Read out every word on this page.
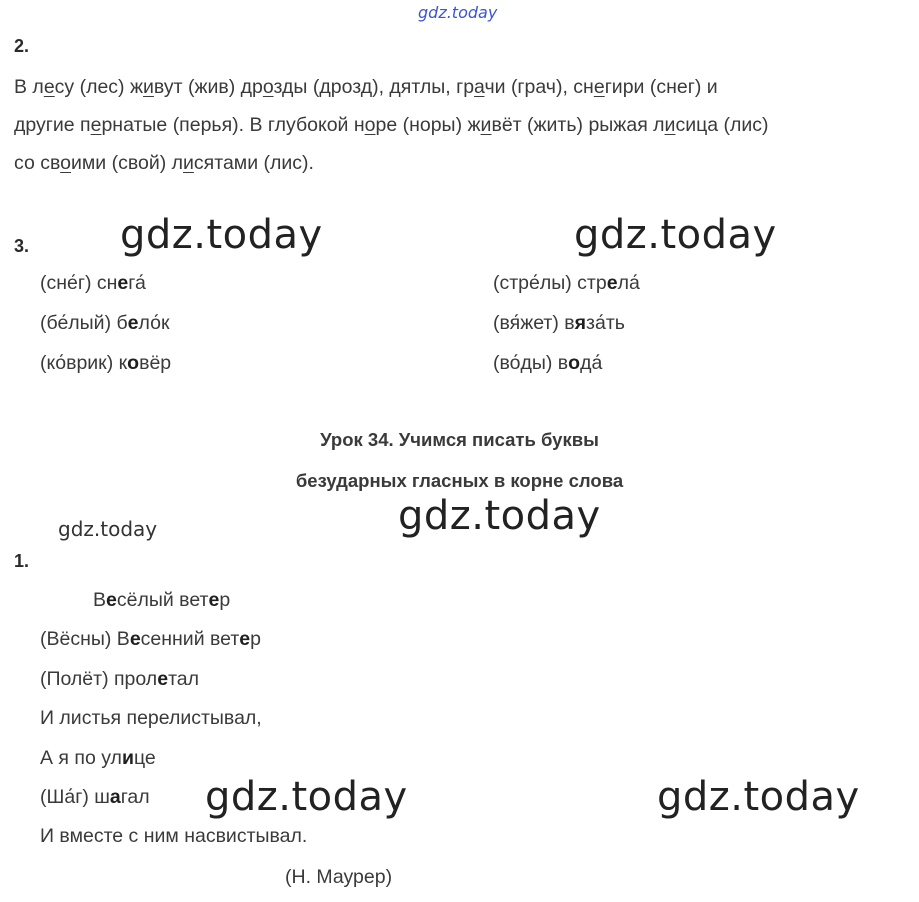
gdz.today
2.
В лесу (лес) живут (жив) дрозды (дрозд), дятлы, грачи (грач), снегири (снег) и
другие пернатые (перья). В глубокой норе (норы) живёт (жить) рыжая лисица (лис)
со своими (свой) лисятами (лис).
3. gdz.today	gdz.today
(сне́г) снега́
(бе́лый) бело́к
(ко́врик) ковёр
(стре́лы) стрела́
(вя́жет) вяза́ть
(во́ды) вода́
Урок 34. Учимся писать буквы
безударных гласных в корне слова
gdz.today	gdz.today
1.
Весёлый ветер
(Вёсны) Весенний ветер
(Полёт) пролетал
И листья перелистывал,
А я по улице
(Ша́г) шагал
И вместе с ним насвистывал.
gdz.today	gdz.today
(Н. Маурер)
